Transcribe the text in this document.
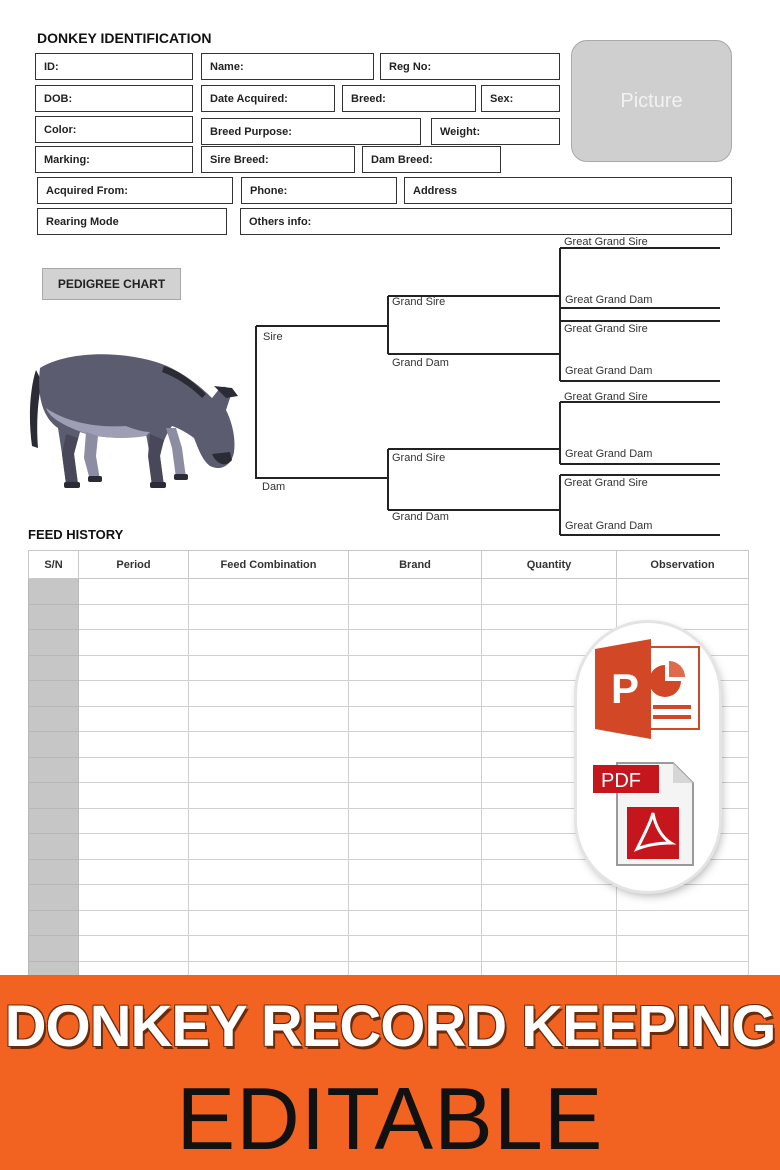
DONKEY IDENTIFICATION
ID:	Name:	Reg No:
DOB:	Date Acquired:	Breed:	Sex:
Color:	Breed Purpose:	Weight:
Marking:	Sire Breed:	Dam Breed:
Acquired From:	Phone:	Address
Rearing Mode	Others info:
Picture
PEDIGREE CHART
Sire
Dam
Grand Sire
Grand Dam
Grand Sire
Grand Dam
Great Grand Sire
Great Grand Dam
Great Grand Sire
Great Grand Dam
Great Grand Sire
Great Grand Dam
Great Grand Sire
Great Grand Dam
FEED HISTORY
S/N	Period	Feed Combination	Brand	Quantity	Observation

P
PDF
DONKEY RECORD KEEPING
EDITABLE
